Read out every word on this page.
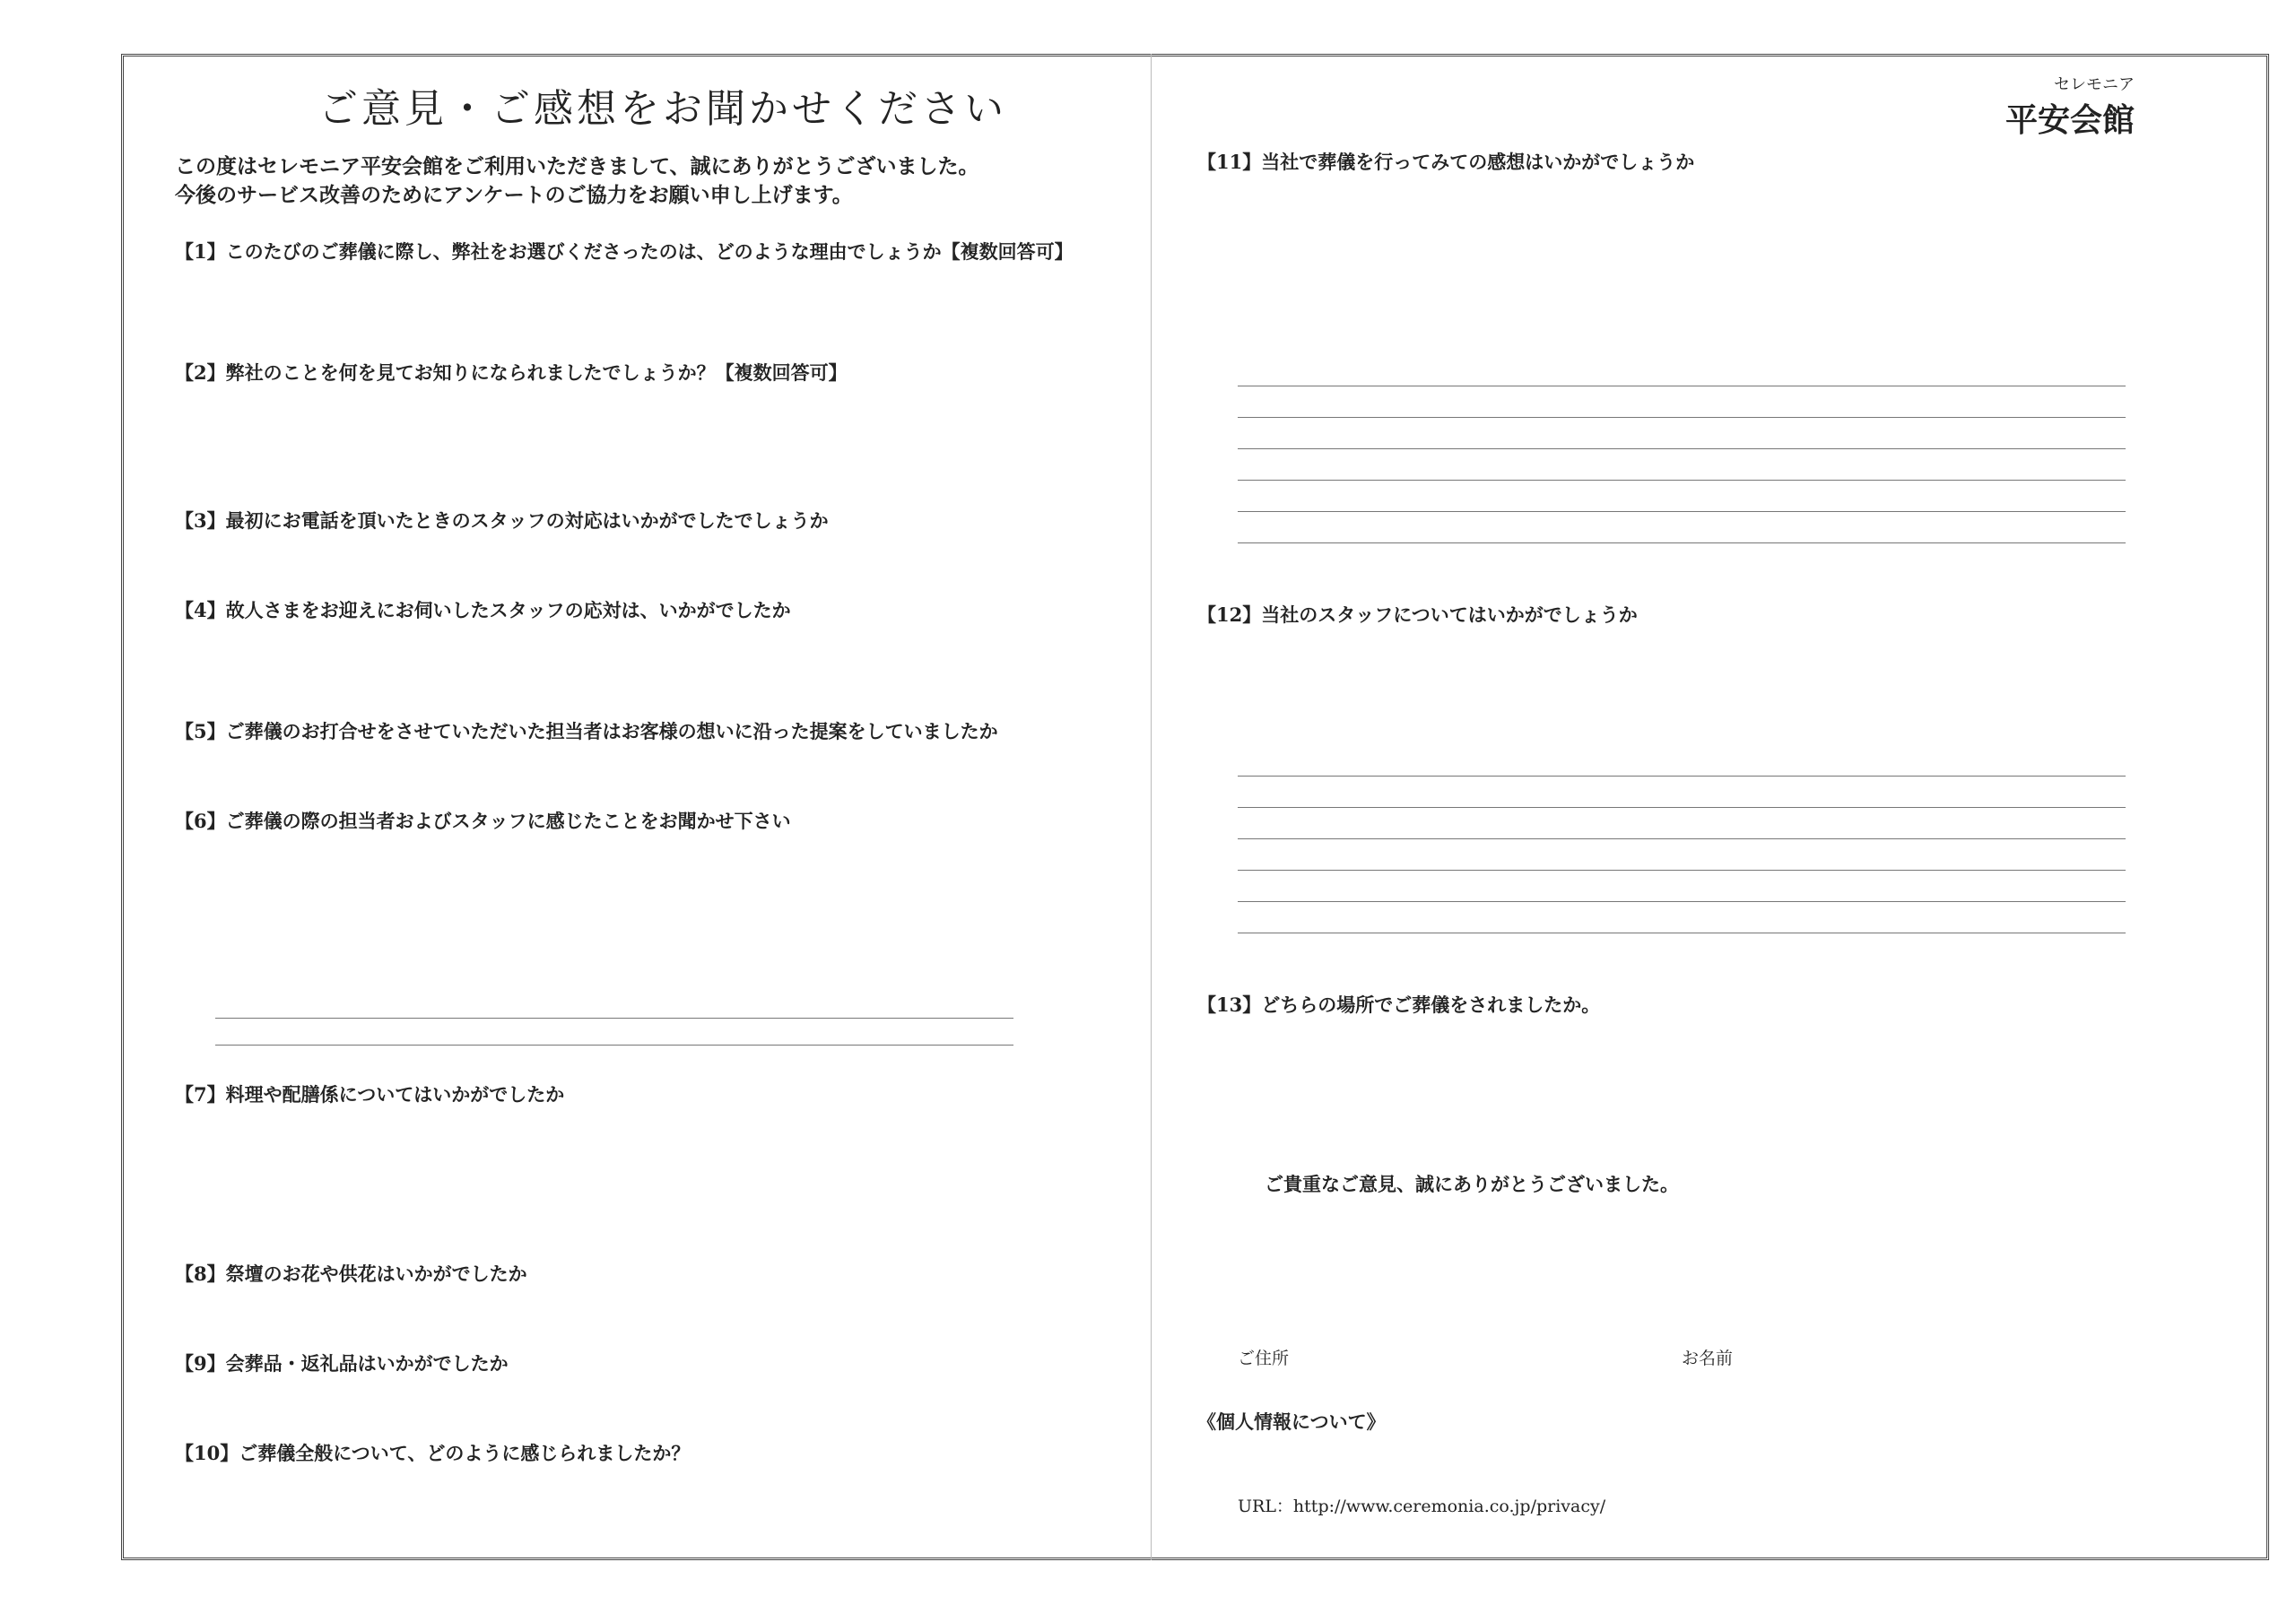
ご意見・ご感想をお聞かせください
セレモニア
平安会館
この度はセレモニア平安会館をご利用いただきまして、誠にありがとうございました。
今後のサービス改善のためにアンケートのご協力をお願い申し上げます。
【1】このたびのご葬儀に際し、弊社をお選びくださったのは、どのような理由でしょうか【複数回答可】
【2】弊社のことを何を見てお知りになられましたでしょうか？【複数回答可】
【3】最初にお電話を頂いたときのスタッフの対応はいかがでしたでしょうか
【4】故人さまをお迎えにお伺いしたスタッフの応対は、いかがでしたか
【5】ご葬儀のお打合せをさせていただいた担当者はお客様の想いに沿った提案をしていましたか
【6】ご葬儀の際の担当者およびスタッフに感じたことをお聞かせ下さい
【7】料理や配膳係についてはいかがでしたか
【8】祭壇のお花や供花はいかがでしたか
【9】会葬品・返礼品はいかがでしたか
【10】ご葬儀全般について、どのように感じられましたか？
【11】当社で葬儀を行ってみての感想はいかがでしょうか
【12】当社のスタッフについてはいかがでしょうか
【13】どちらの場所でご葬儀をされましたか。
ご貴重なご意見、誠にありがとうございました。
ご住所	お名前
《個人情報について》
URL：http://www.ceremonia.co.jp/privacy/
